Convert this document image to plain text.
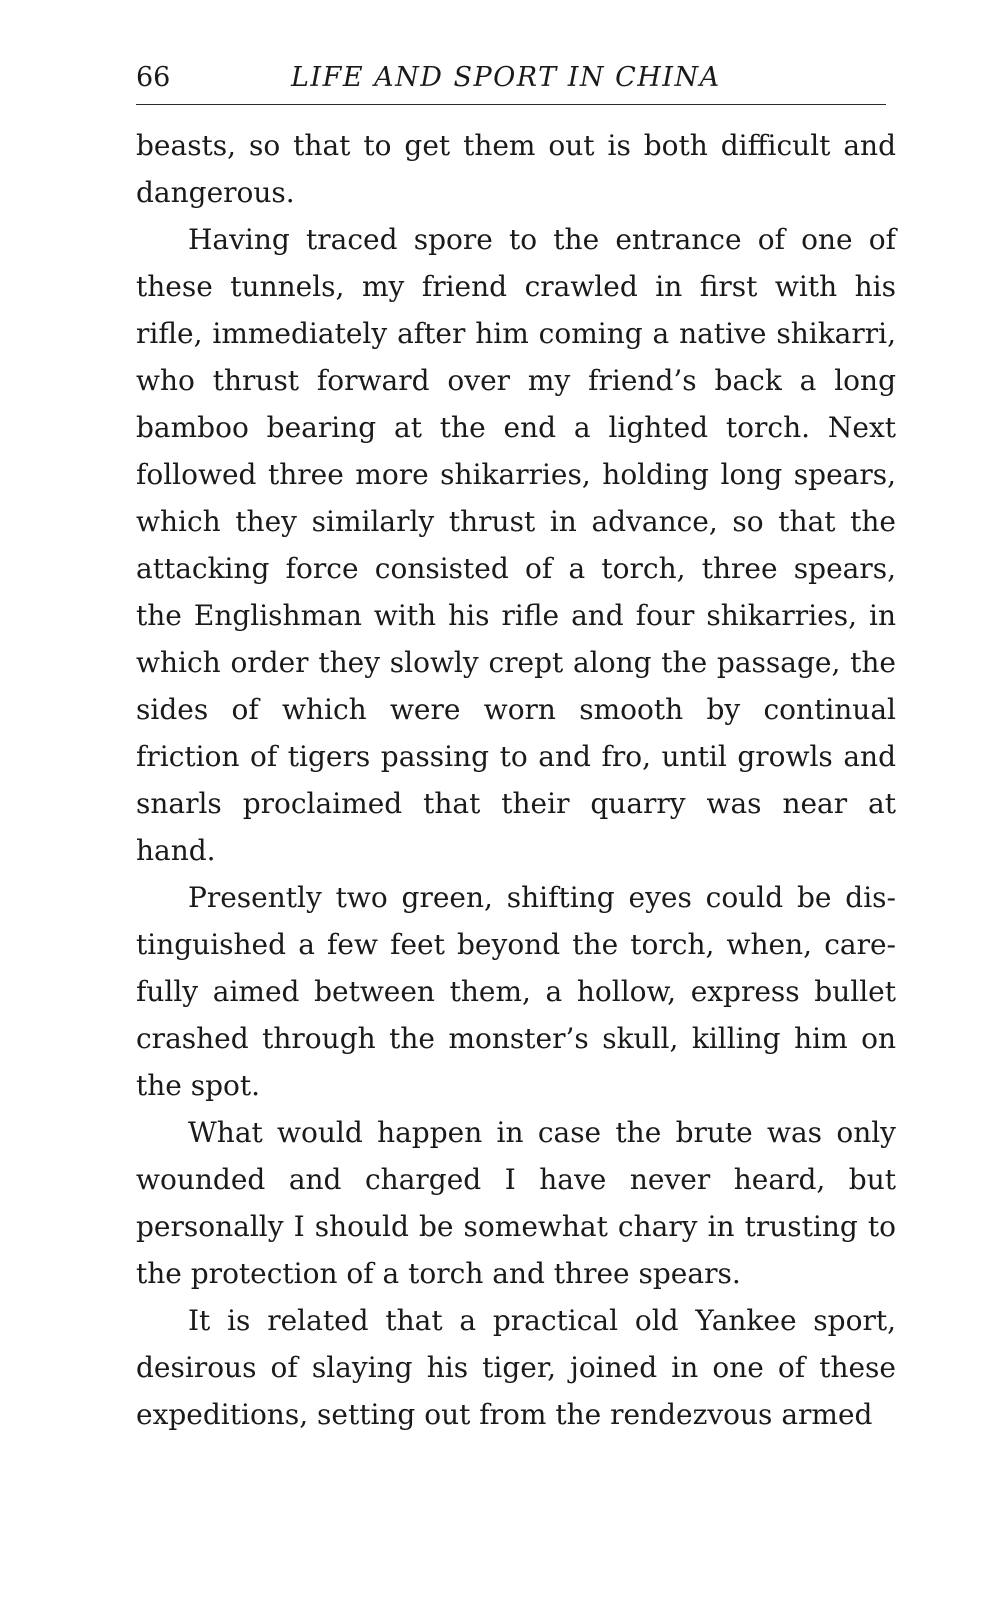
66	LIFE AND SPORT IN CHINA

beasts, so that to get them out is both difficult and dangerous.

Having traced spore to the entrance of one of these tunnels, my friend crawled in first with his rifle, immediately after him coming a native shikarri, who thrust forward over my friend’s back a long bamboo bearing at the end a lighted torch. Next followed three more shikarries, holding long spears, which they similarly thrust in advance, so that the attacking force consisted of a torch, three spears, the Englishman with his rifle and four shikarries, in which order they slowly crept along the passage, the sides of which were worn smooth by continual friction of tigers passing to and fro, until growls and snarls proclaimed that their quarry was near at hand.

Presently two green, shifting eyes could be dis- tinguished a few feet beyond the torch, when, care- fully aimed between them, a hollow, express bullet crashed through the monster’s skull, killing him on the spot.

What would happen in case the brute was only wounded and charged I have never heard, but personally I should be somewhat chary in trusting to the protection of a torch and three spears.

It is related that a practical old Yankee sport, desirous of slaying his tiger, joined in one of these expeditions, setting out from the rendezvous armed
